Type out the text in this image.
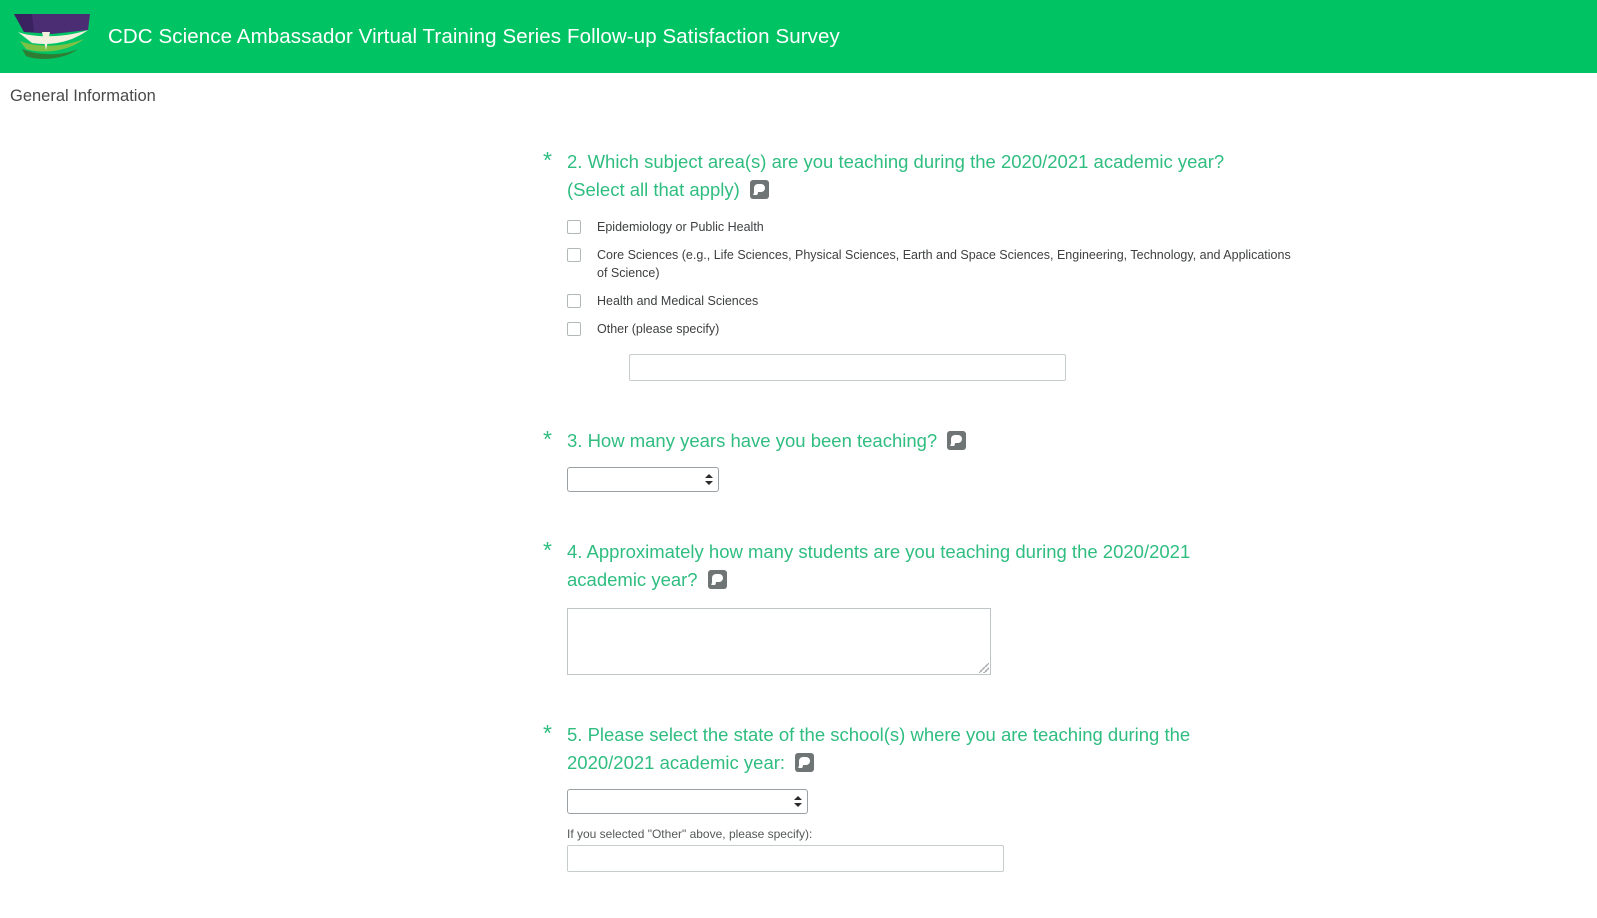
CDC Science Ambassador Virtual Training Series Follow-up Satisfaction Survey
General Information
* 2. Which subject area(s) are you teaching during the 2020/2021 academic year? (Select all that apply)
Epidemiology or Public Health
Core Sciences (e.g., Life Sciences, Physical Sciences, Earth and Space Sciences, Engineering, Technology, and Applications of Science)
Health and Medical Sciences
Other (please specify)
* 3. How many years have you been teaching?
* 4. Approximately how many students are you teaching during the 2020/2021 academic year?
* 5. Please select the state of the school(s) where you are teaching during the 2020/2021 academic year:
If you selected "Other" above, please specify):
